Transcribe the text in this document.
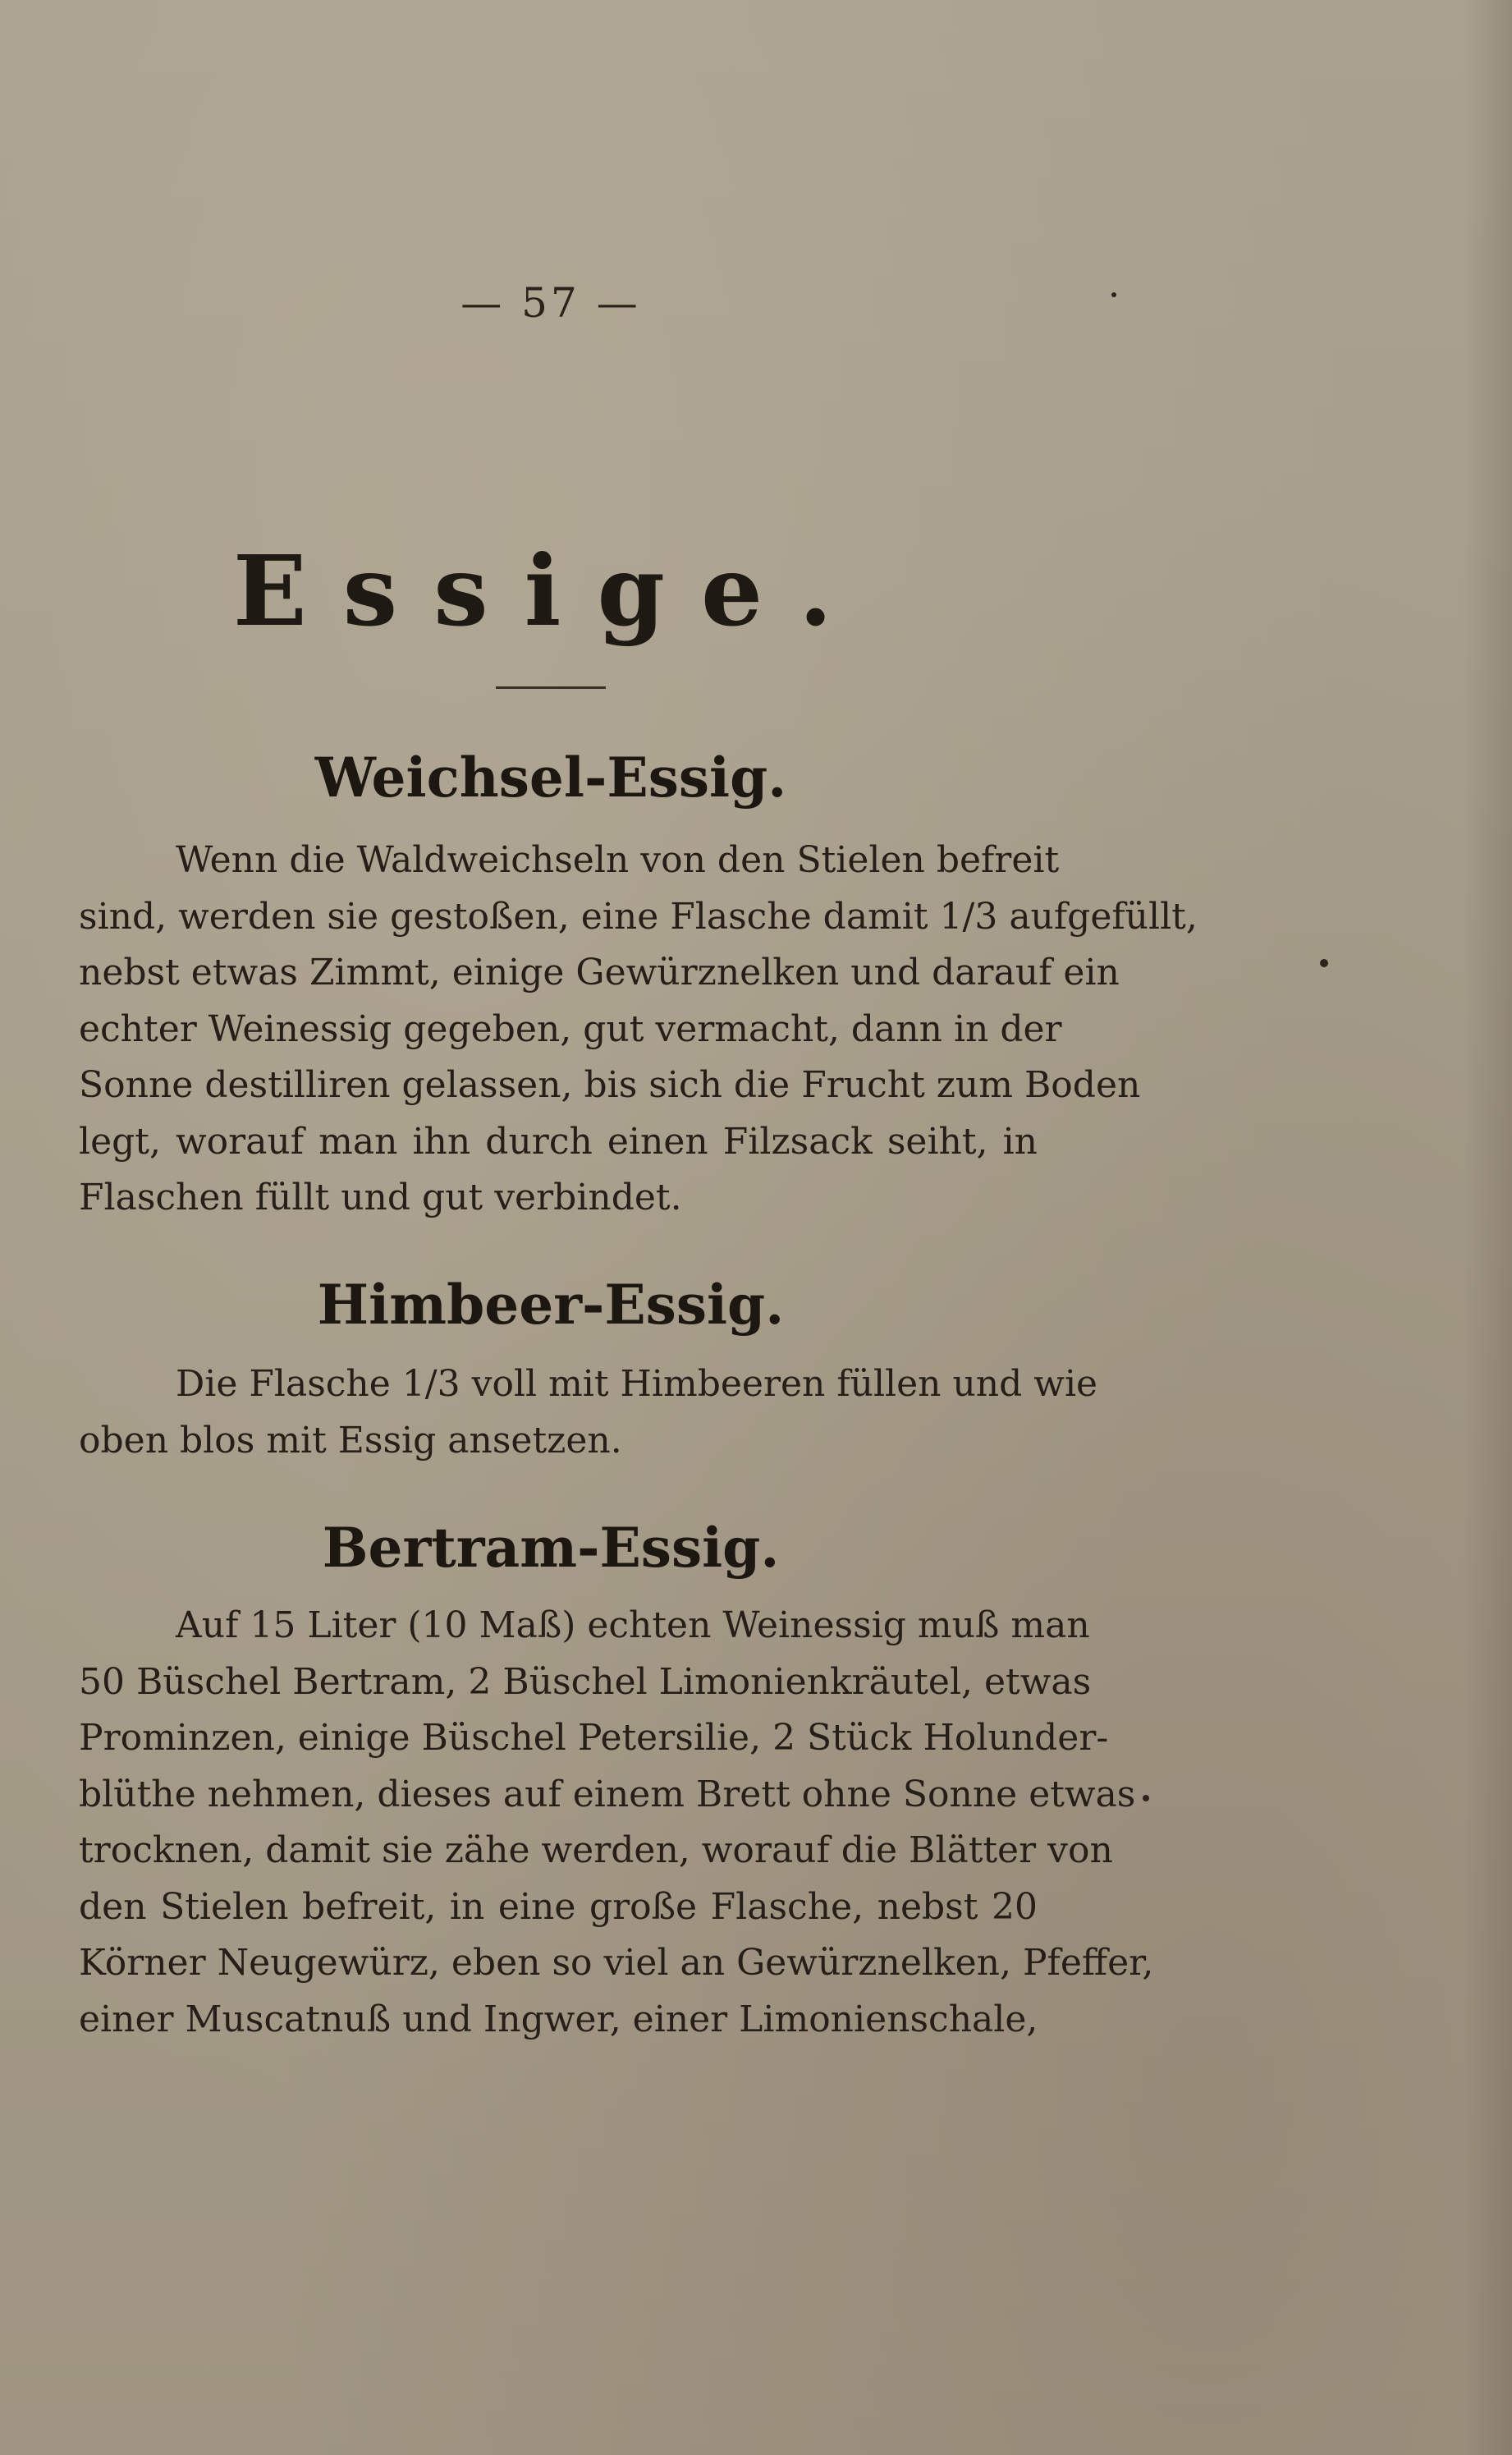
— 57 —
Essige.
Weichsel-Essig.
Wenn die Waldweichseln von den Stielen befreit
sind, werden sie gestoßen, eine Flasche damit 1/3 aufgefüllt,
nebst etwas Zimmt, einige Gewürznelken und darauf ein
echter Weinessig gegeben, gut vermacht, dann in der
Sonne destilliren gelassen, bis sich die Frucht zum Boden
legt, worauf man ihn durch einen Filzsack seiht, in
Flaschen füllt und gut verbindet.
Himbeer-Essig.
Die Flasche 1/3 voll mit Himbeeren füllen und wie
oben blos mit Essig ansetzen.
Bertram-Essig.
Auf 15 Liter (10 Maß) echten Weinessig muß man
50 Büschel Bertram, 2 Büschel Limonienkräutel, etwas
Prominzen, einige Büschel Petersilie, 2 Stück Holunder-
blüthe nehmen, dieses auf einem Brett ohne Sonne etwas
trocknen, damit sie zähe werden, worauf die Blätter von
den Stielen befreit, in eine große Flasche, nebst 20
Körner Neugewürz, eben so viel an Gewürznelken, Pfeffer,
einer Muscatnuß und Ingwer, einer Limonienschale,
